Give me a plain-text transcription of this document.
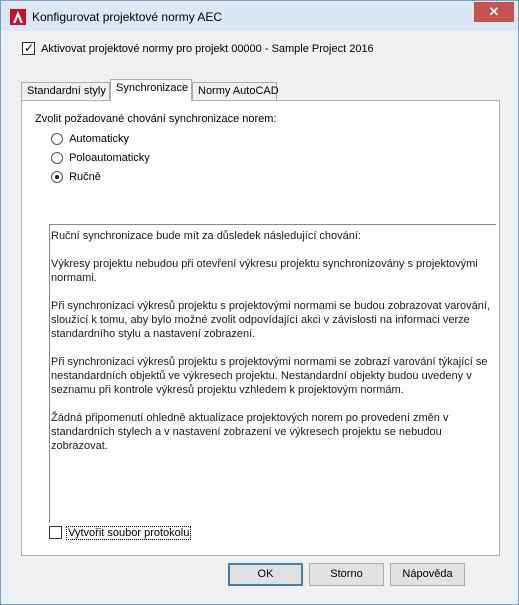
Konfigurovat projektové normy AEC	✕
✓ Aktivovat projektové normy pro projekt 00000 - Sample Project 2016
Standardní styly Synchronizace Normy AutoCAD
Zvolit požadované chování synchronizace norem:
Automaticky
Poloautomaticky
Ručně

Ruční synchronizace bude mít za důsledek následující chování:

Výkresy projektu nebudou při otevření výkresu projektu synchronizovány s projektovými normami.

Při synchronizaci výkresů projektu s projektovými normami se budou zobrazovat varování, sloužící k tomu, aby bylo možné zvolit odpovídající akci v závislosti na informaci verze standardního stylu a nastavení zobrazení.

Při synchronizaci výkresů projektu s projektovými normami se zobrazí varování týkající se nestandardních objektů ve výkresech projektu. Nestandardní objekty budou uvedeny v seznamu při kontrole výkresů projektu vzhledem k projektovým normám.

Žádná připomenutí ohledně aktualizace projektových norem po provedení změn v standardních stylech a v nastavení zobrazení ve výkresech projektu se nebudou zobrazovat.

Vytvořit soubor protokolu
OK	Storno	Nápověda
